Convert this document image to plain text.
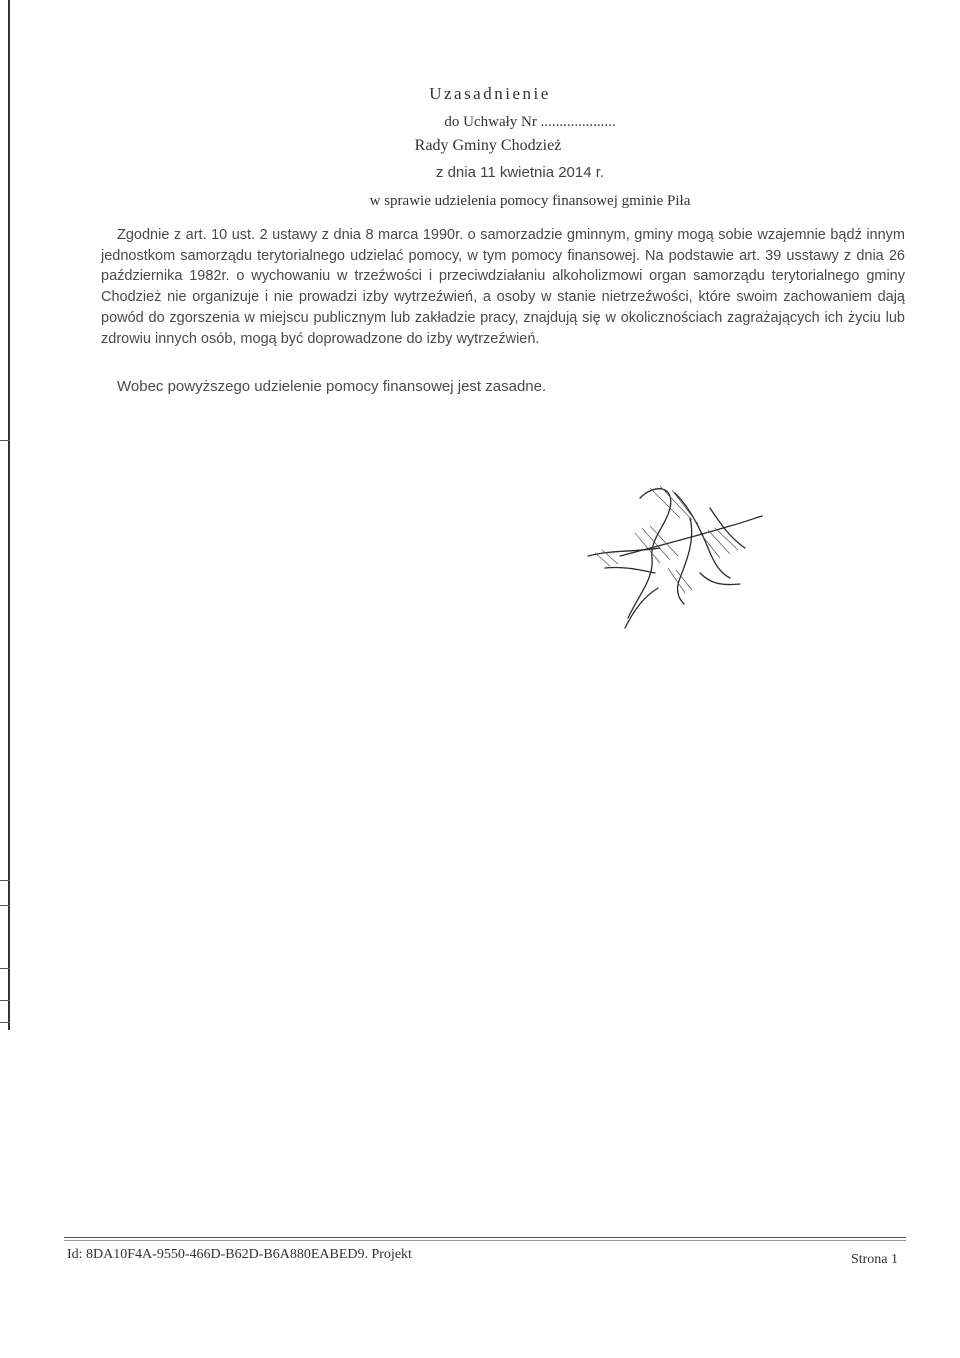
Uzasadnienie
do Uchwały Nr ....................
Rady Gminy Chodzież
z dnia 11 kwietnia 2014 r.
w sprawie udzielenia pomocy finansowej gminie Piła
Zgodnie z art. 10 ust. 2 ustawy z dnia 8 marca 1990r. o samorzadzie gminnym, gminy mogą sobie wzajemnie bądź innym jednostkom samorządu terytorialnego udzielać pomocy, w tym pomocy finansowej. Na podstawie art. 39 usstawy z dnia 26 października 1982r. o wychowaniu w trzeźwości i przeciwdziałaniu alkoholizmowi organ samorządu terytorialnego gminy Chodzież nie organizuje i nie prowadzi izby wytrzeźwień, a osoby w stanie nietrzeźwości, które swoim zachowaniem dają powód do zgorszenia w miejscu publicznym lub zakładzie pracy, znajdują się w okolicznościach zagrażających ich życiu lub zdrowiu innych osób, mogą być doprowadzone do izby wytrzeźwień.
Wobec powyższego udzielenie pomocy finansowej jest zasadne.
Id: 8DA10F4A-9550-466D-B62D-B6A880EABED9. Projekt	Strona 1
